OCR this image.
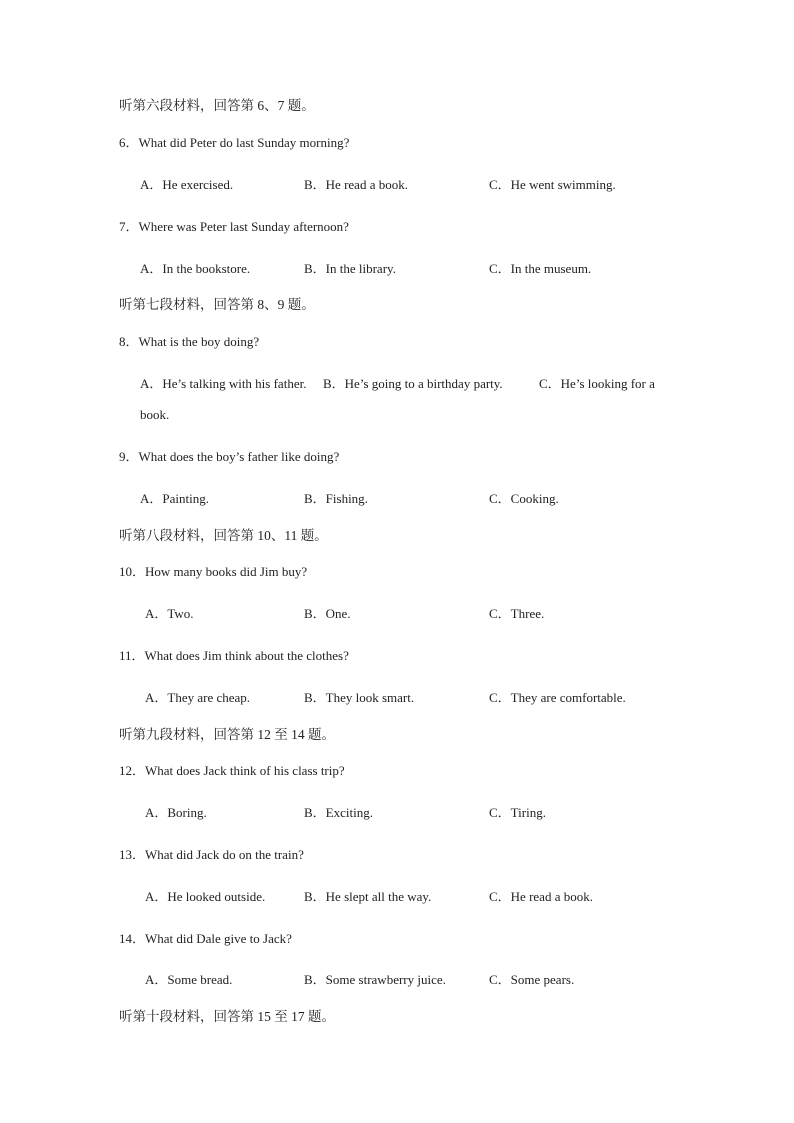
听第六段材料，回答第 6、7 题。
6．What did Peter do last Sunday morning?
A．He exercised.	B．He read a book.	C．He went swimming.
7．Where was Peter last Sunday afternoon?
A．In the bookstore.	B．In the library.	C．In the museum.
听第七段材料，回答第 8、9 题。
8．What is the boy doing?
A．He’s talking with his father. B．He’s going to a birthday party.	C．He’s looking for a
book.
9．What does the boy’s father like doing?
A．Painting.	B．Fishing.	C．Cooking.
听第八段材料，回答第 10、11 题。
10．How many books did Jim buy?
A．Two.	B．One.	C．Three.
11．What does Jim think about the clothes?
A．They are cheap.	B．They look smart.	C．They are comfortable.
听第九段材料，回答第 12 至 14 题。
12．What does Jack think of his class trip?
A．Boring.	B．Exciting.	C．Tiring.
13．What did Jack do on the train?
A．He looked outside.	B．He slept all the way.	C．He read a book.
14．What did Dale give to Jack?
A．Some bread.	B．Some strawberry juice.	C．Some pears.
听第十段材料，回答第 15 至 17 题。
